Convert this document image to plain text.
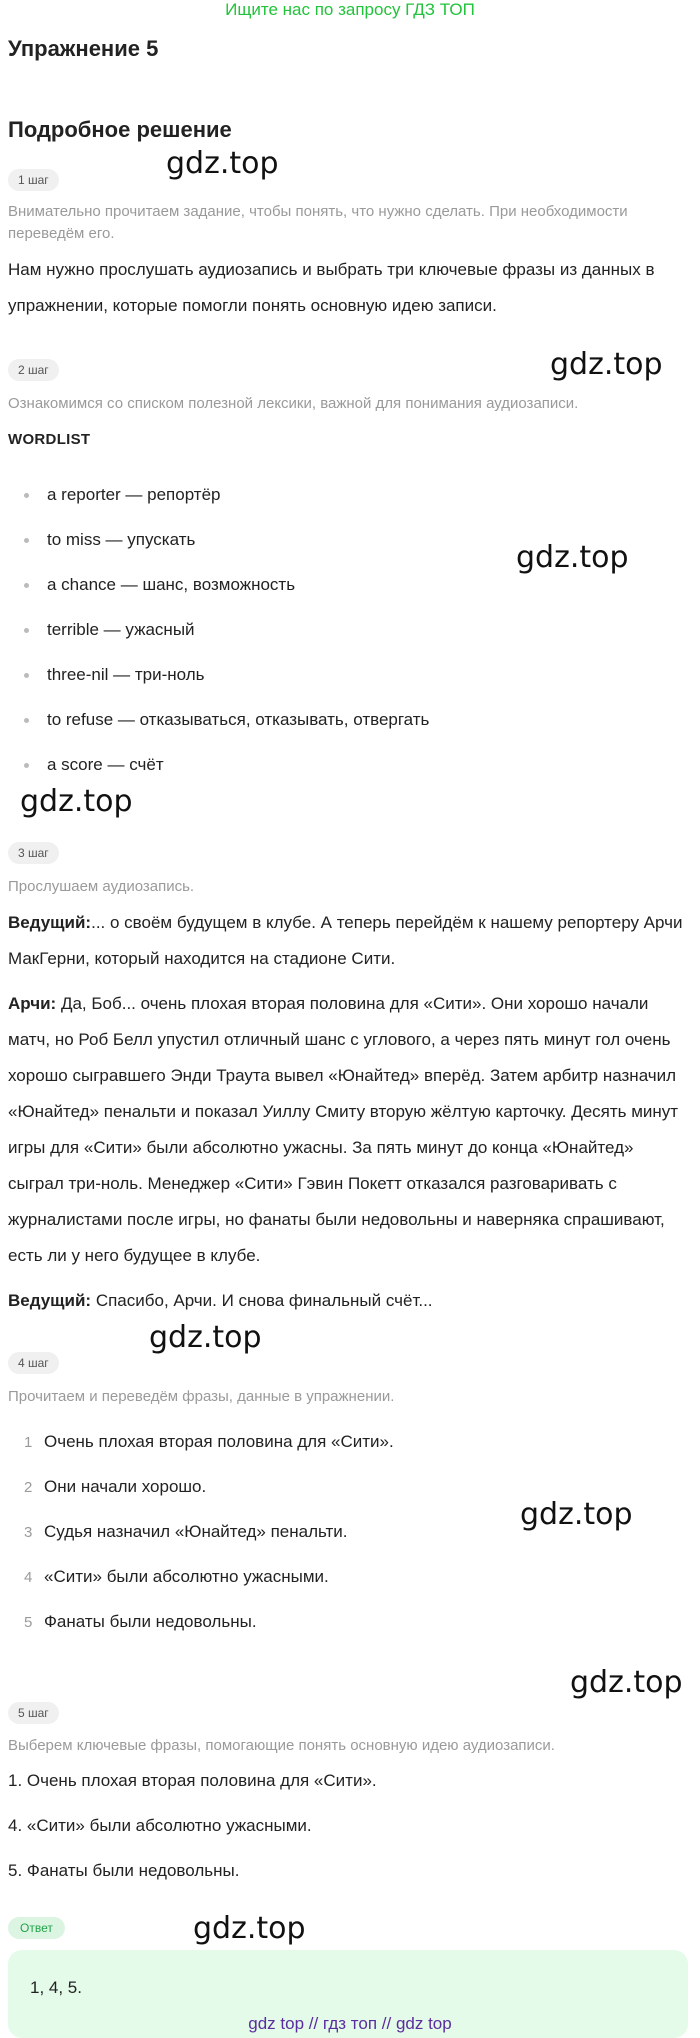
Ищите нас по запросу ГДЗ ТОП
Упражнение 5
Подробное решение
1 шаг	gdz.top
Внимательно прочитаем задание, чтобы понять, что нужно сделать. При необходимости переведём его.
Нам нужно прослушать аудиозапись и выбрать три ключевые фразы из данных в упражнении, которые помогли понять основную идею записи.
gdz.top
2 шаг
Ознакомимся со списком полезной лексики, важной для понимания аудиозаписи.
WORDLIST
a reporter — репортёр
to miss — упускать
a chance — шанс, возможность
gdz.top
terrible — ужасный
three-nil — три-ноль
to refuse — отказываться, отказывать, отвергать
a score — счёт
gdz.top
3 шаг
Прослушаем аудиозапись.
Ведущий:... о своём будущем в клубе. А теперь перейдём к нашему репортеру Арчи МакГерни, который находится на стадионе Сити.
Арчи: Да, Боб... очень плохая вторая половина для «Сити». Они хорошо начали матч, но Роб Белл упустил отличный шанс с углового, а через пять минут гол очень хорошо сыгравшего Энди Траута вывел «Юнайтед» вперёд. Затем арбитр назначил «Юнайтед» пенальти и показал Уиллу Смиту вторую жёлтую карточку. Десять минут игры для «Сити» были абсолютно ужасны. За пять минут до конца «Юнайтед» сыграл три-ноль. Менеджер «Сити» Гэвин Покетт отказался разговаривать с журналистами после игры, но фанаты были недовольны и наверняка спрашивают, есть ли у него будущее в клубе.
Ведущий: Спасибо, Арчи. И снова финальный счёт...
gdz.top
4 шаг
Прочитаем и переведём фразы, данные в упражнении.
1 Очень плохая вторая половина для «Сити».
2 Они начали хорошо.
gdz.top
3 Судья назначил «Юнайтед» пенальти.
4 «Сити» были абсолютно ужасными.
5 Фанаты были недовольны.
gdz.top
5 шаг
Выберем ключевые фразы, помогающие понять основную идею аудиозаписи.
1. Очень плохая вторая половина для «Сити».
4. «Сити» были абсолютно ужасными.
5. Фанаты были недовольны.
Ответ	gdz.top
1, 4, 5.
gdz top // гдз топ // gdz top
